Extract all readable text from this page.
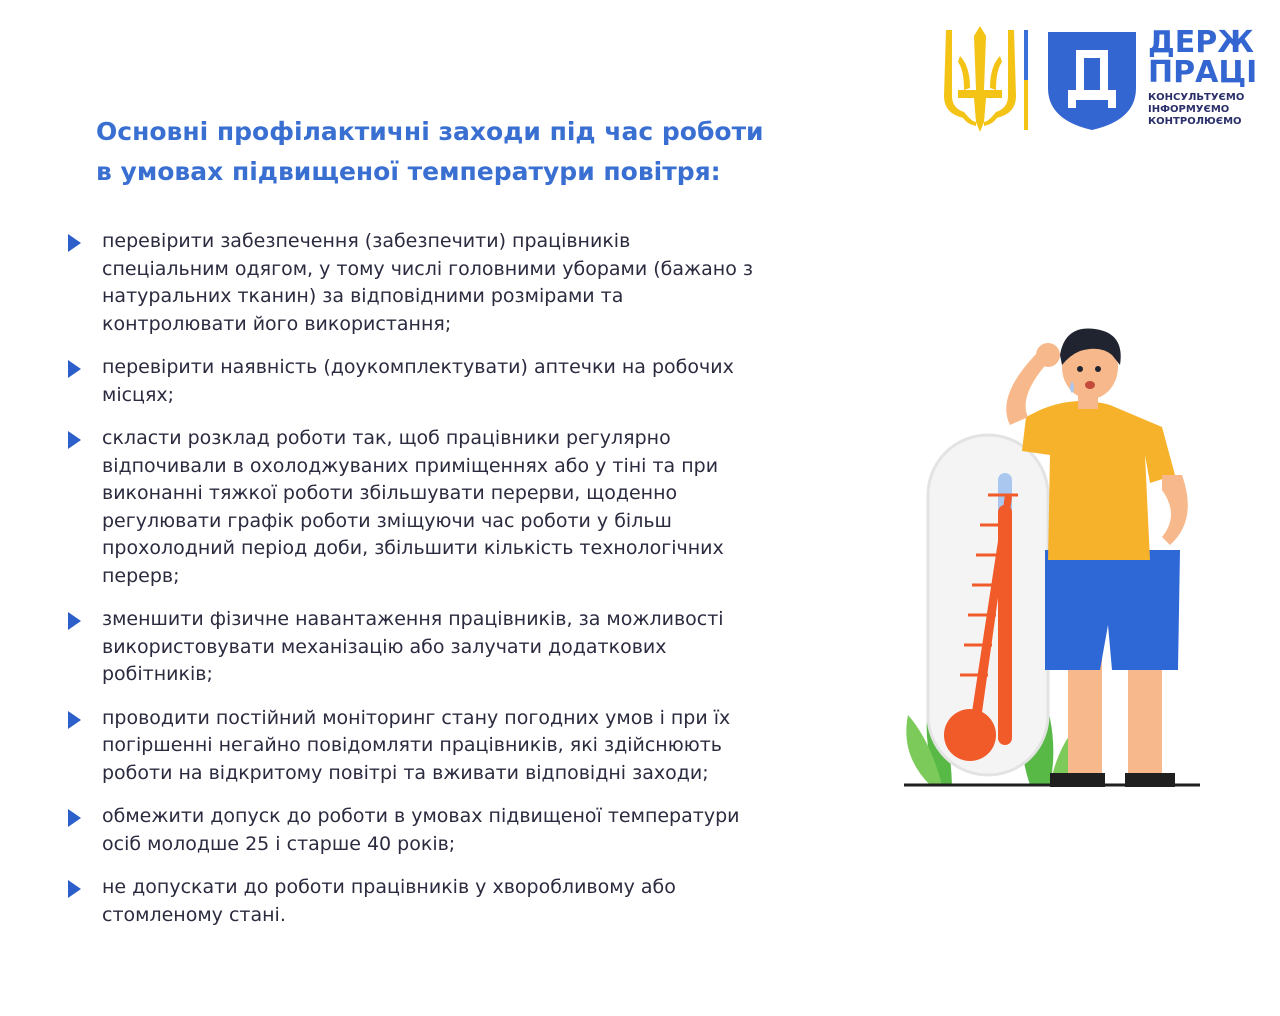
ДЕРЖ
ПРАЦІ
КОНСУЛЬТУЄМО
ІНФОРМУЄМО
КОНТРОЛЮЄМО
Основні профілактичні заходи під час роботи
в умовах підвищеної температури повітря:
перевірити забезпечення (забезпечити) працівників
спеціальним одягом, у тому числі головними уборами (бажано з
натуральних тканин) за відповідними розмірами та
контролювати його використання;
перевірити наявність (доукомплектувати) аптечки на робочих
місцях;
скласти розклад роботи так, щоб працівники регулярно
відпочивали в охолоджуваних приміщеннях або у тіні та при
виконанні тяжкої роботи збільшувати перерви, щоденно
регулювати графік роботи зміщуючи час роботи у більш
прохолодний період доби, збільшити кількість технологічних
перерв;
зменшити фізичне навантаження працівників, за можливості
використовувати механізацію або залучати додаткових
робітників;
проводити постійний моніторинг стану погодних умов і при їх
погіршенні негайно повідомляти працівників, які здійснюють
роботи на відкритому повітрі та вживати відповідні заходи;
обмежити допуск до роботи в умовах підвищеної температури
осіб молодше 25 і старше 40 років;
не допускати до роботи працівників у хворобливому або
стомленому стані.
